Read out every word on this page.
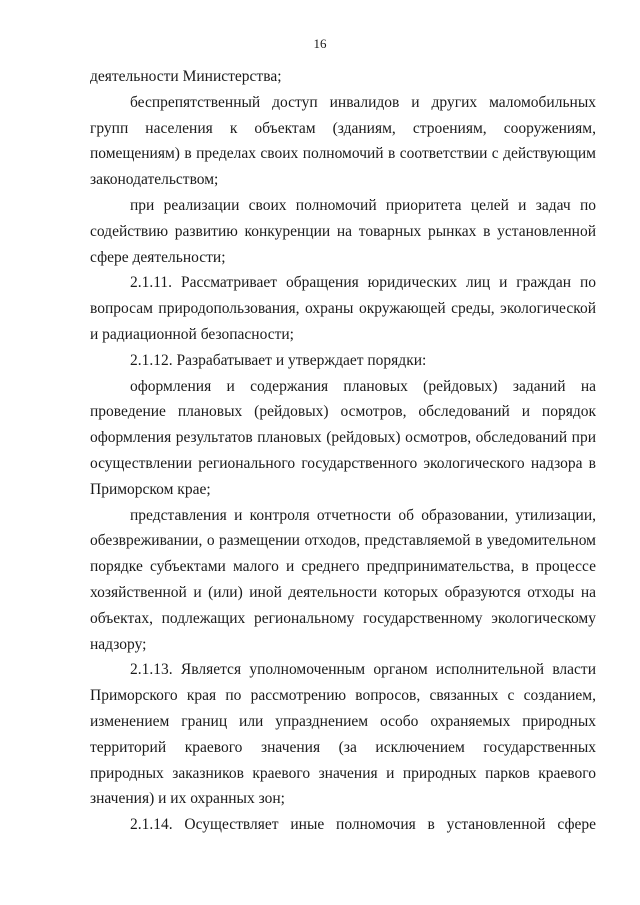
16

деятельности Министерства;

беспрепятственный доступ инвалидов и других маломобильных групп населения к объектам (зданиям, строениям, сооружениям, помещениям) в пределах своих полномочий в соответствии с действующим законодательством;

при реализации своих полномочий приоритета целей и задач по содействию развитию конкуренции на товарных рынках в установленной сфере деятельности;

2.1.11. Рассматривает обращения юридических лиц и граждан по вопросам природопользования, охраны окружающей среды, экологической и радиационной безопасности;

2.1.12. Разрабатывает и утверждает порядки:

оформления и содержания плановых (рейдовых) заданий на проведение плановых (рейдовых) осмотров, обследований и порядок оформления результатов плановых (рейдовых) осмотров, обследований при осуществлении регионального государственного экологического надзора в Приморском крае;

представления и контроля отчетности об образовании, утилизации, обезвреживании, о размещении отходов, представляемой в уведомительном порядке субъектами малого и среднего предпринимательства, в процессе хозяйственной и (или) иной деятельности которых образуются отходы на объектах, подлежащих региональному государственному экологическому надзору;

2.1.13. Является уполномоченным органом исполнительной власти Приморского края по рассмотрению вопросов, связанных с созданием, изменением границ или упразднением особо охраняемых природных территорий краевого значения (за исключением государственных природных заказников краевого значения и природных парков краевого значения) и их охранных зон;

2.1.14. Осуществляет иные полномочия в установленной сфере
